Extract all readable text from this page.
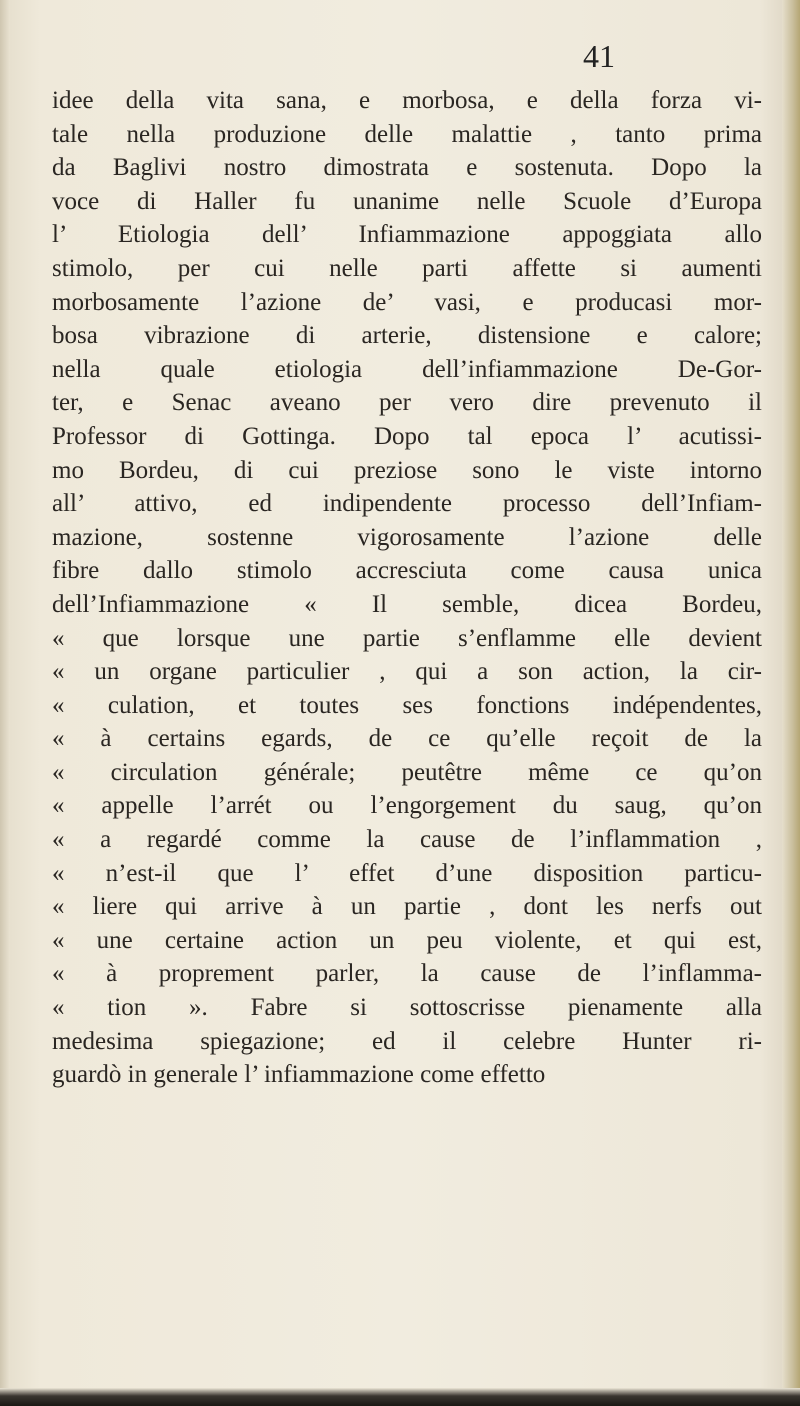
41
idee della vita sana, e morbosa, e della forza vi-
tale nella produzione delle malattie , tanto prima
da Baglivi nostro dimostrata e sostenuta. Dopo la
voce di Haller fu unanime nelle Scuole d’Europa
l’ Etiologia dell’ Infiammazione appoggiata allo
stimolo, per cui nelle parti affette si aumenti
morbosamente l’azione de’ vasi, e producasi mor-
bosa vibrazione di arterie, distensione e calore;
nella quale etiologia dell’infiammazione De-Gor-
ter, e Senac aveano per vero dire prevenuto il
Professor di Gottinga. Dopo tal epoca l’ acutissi-
mo Bordeu, di cui preziose sono le viste intorno
all’ attivo, ed indipendente processo dell’Infiam-
mazione, sostenne vigorosamente l’azione delle
fibre dallo stimolo accresciuta come causa unica
dell’Infiammazione « Il semble, dicea Bordeu,
« que lorsque une partie s’enflamme elle devient
« un organe particulier , qui a son action, la cir-
« culation, et toutes ses fonctions indépendentes,
« à certains egards, de ce qu’elle reçoit de la
« circulation générale; peutêtre même ce qu’on
« appelle l’arrét ou l’engorgement du saug, qu’on
« a regardé comme la cause de l’inflammation ,
« n’est-il que l’ effet d’une disposition particu-
« liere qui arrive à un partie , dont les nerfs out
« une certaine action un peu violente, et qui est,
« à proprement parler, la cause de l’inflamma-
« tion ». Fabre si sottoscrisse pienamente alla
medesima spiegazione; ed il celebre Hunter ri-
guardò in generale l’ infiammazione come effetto
